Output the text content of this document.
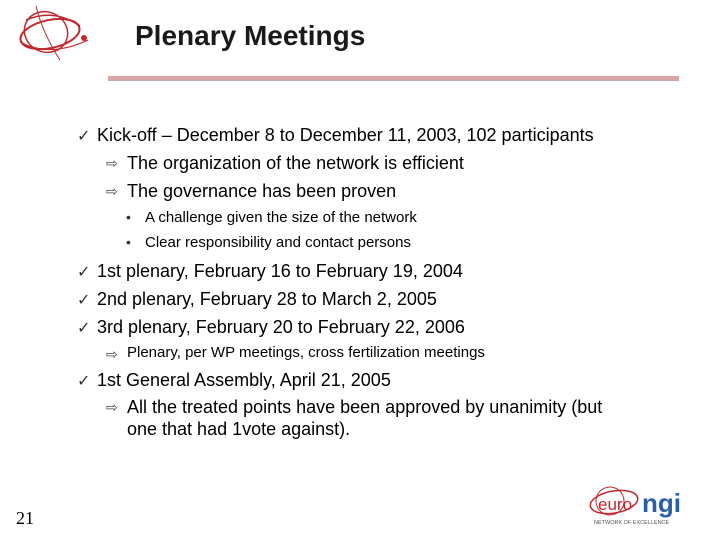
Plenary Meetings
✓ Kick-off – December 8 to December 11, 2003, 102 participants
⇨ The organization of the network is efficient
⇨ The governance has been proven
• A challenge given the size of the network
• Clear responsibility and contact persons
✓ 1st plenary, February 16 to February 19, 2004
✓ 2nd plenary, February 28 to March 2, 2005
✓ 3rd plenary, February 20 to February 22, 2006
⇨ Plenary, per WP meetings, cross fertilization meetings
✓ 1st General Assembly, April 21, 2005
⇨ All the treated points have been approved by unanimity (but
one that had 1vote against).
21
euro ngi
NETWORK OF EXCELLENCE
